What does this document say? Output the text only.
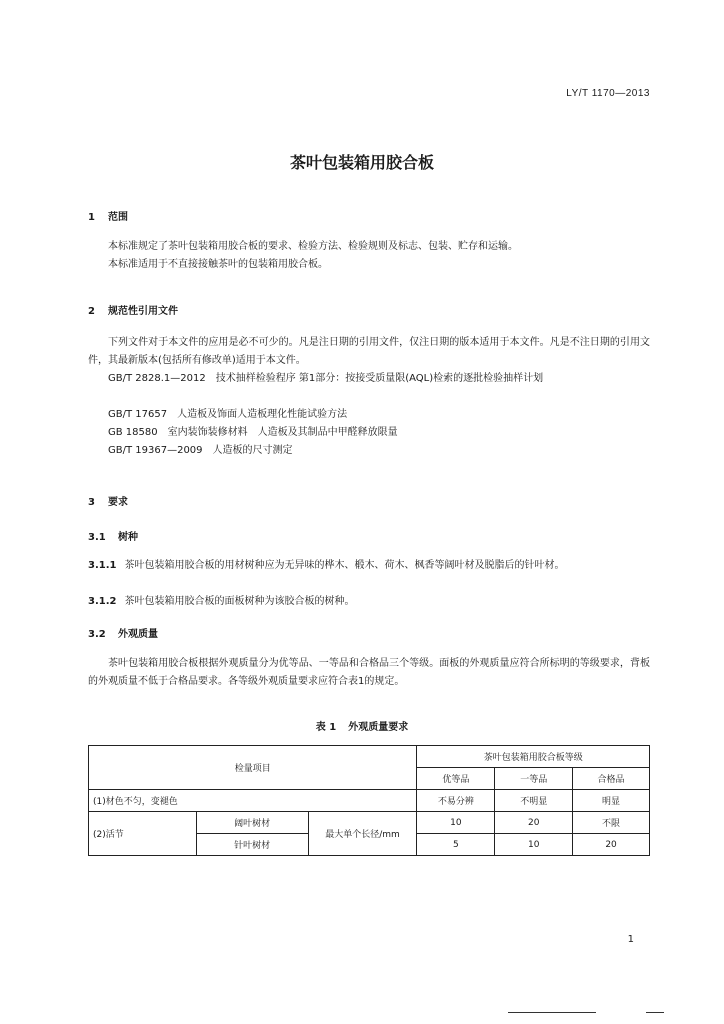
LY/T 1170—2013
茶叶包装箱用胶合板
1 范围
本标准规定了茶叶包装箱用胶合板的要求、检验方法、检验规则及标志、包装、贮存和运输。
本标准适用于不直接接触茶叶的包装箱用胶合板。
2 规范性引用文件
下列文件对于本文件的应用是必不可少的。凡是注日期的引用文件，仅注日期的版本适用于本文件。凡是不注日期的引用文件，其最新版本(包括所有修改单)适用于本文件。
GB/T 2828.1—2012　技术抽样检验程序 第1部分：按接受质量限(AQL)检索的逐批检验抽样计划
GB/T 17657　人造板及饰面人造板理化性能试验方法
GB 18580　室内装饰装修材料　人造板及其制品中甲醛释放限量
GB/T 19367—2009　人造板的尺寸测定
3 要求
3.1 树种
3.1.1 茶叶包装箱用胶合板的用材树种应为无异味的桦木、椴木、荷木、枫香等阔叶材及脱脂后的针叶材。
3.1.2 茶叶包装箱用胶合板的面板树种为该胶合板的树种。
3.2 外观质量
茶叶包装箱用胶合板根据外观质量分为优等品、一等品和合格品三个等级。面板的外观质量应符合所标明的等级要求，背板的外观质量不低于合格品要求。各等级外观质量要求应符合表1的规定。
表 1 外观质量要求
检量项目			茶叶包装箱用胶合板等级		
			优等品	一等品	合格品
(1)材色不匀，变褪色			不易分辨	不明显	明显
(2)活节	阔叶树材	最大单个长径/mm	10	20	不限
	针叶树材		5	10	20
1
